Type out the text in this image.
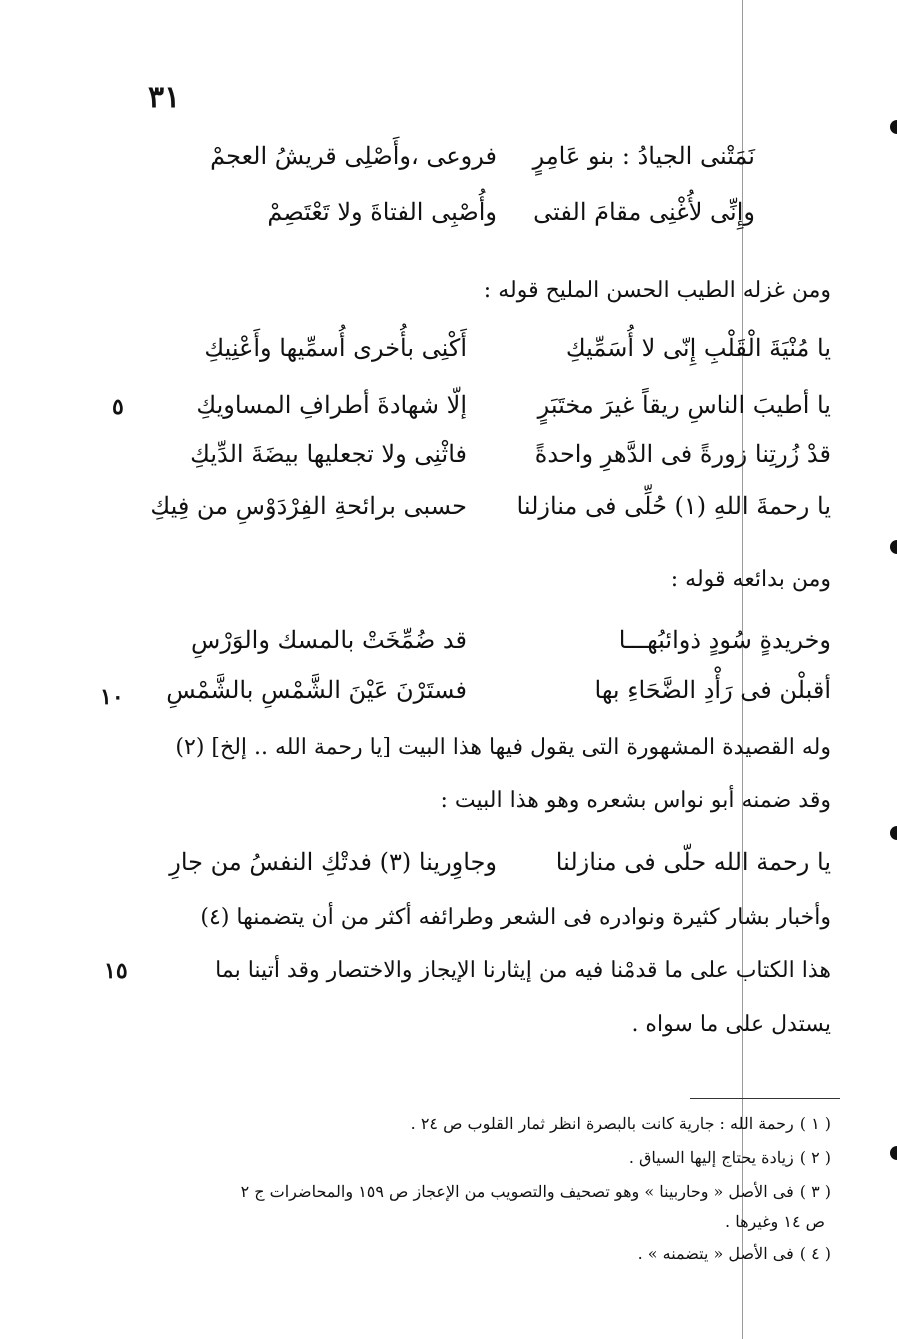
٣١
نَمَتْنى الجيادُ : بنو عَامِرٍ
فروعى ،وأَصْلِى قريشُ العجمْ
وإِنِّى لأُغْنِى مقامَ الفتى
وأُصْبِى الفتاةَ ولا تَعْتَصِمْ
ومن غزله الطيب الحسن المليح قوله :
يا مُنْيَةَ الْقَلْبِ إِنّى لا أُسَمِّيكِ
أَكْنِى بأُخرى أُسمِّيها وأَعْنِيكِ
يا أطيبَ الناسِ ريقاً غيرَ مختَبَرٍ
إلّا شهادةَ أطرافِ المساويكِ
٥
قدْ زُرتِنا زورةً فى الدَّهرِ واحدةً
فاثْنِى ولا تجعليها بيضَةَ الدِّيكِ
يا رحمةَ اللهِ (١) حُلِّى فى منازلنا
حسبى برائحةِ الفِرْدَوْسِ من فِيكِ
ومن بدائعه قوله :
وخريدةٍ سُودٍ ذوائبُهـــا
قد ضُمِّخَتْ بالمسك والوَرْسِ
أقبلْن فى رَأْدِ الضَّحَاءِ بها
فستَرْنَ عَيْنَ الشَّمْسِ بالشَّمْسِ
١٠
وله القصيدة المشهورة التى يقول فيها هذا البيت [يا رحمة الله .. إلخ] (٢)
وقد ضمنه أبو نواس بشعره وهو هذا البيت :
يا رحمة الله حلّى فى منازلنا
وجاوِرينا (٣) فدتْكِ النفسُ من جارِ
وأخبار بشار كثيرة ونوادره فى الشعر وطرائفه أكثر من أن يتضمنها (٤)
هذا الكتاب على ما قدمْنا فيه من إيثارنا الإيجاز والاختصار وقد أتينا بما
١٥
يستدل على ما سواه .
( ١ )رحمة الله : جارية كانت بالبصرة انظر ثمار القلوب ص ٢٤ .
( ٢ )زيادة يحتاج إليها السياق .
( ٣ )فى الأصل « وحاربينا » وهو تصحيف والتصويب من الإعجاز ص ١٥٩ والمحاضرات ج ٢
ص ١٤ وغيرها .
( ٤ )فى الأصل « يتضمنه » .
